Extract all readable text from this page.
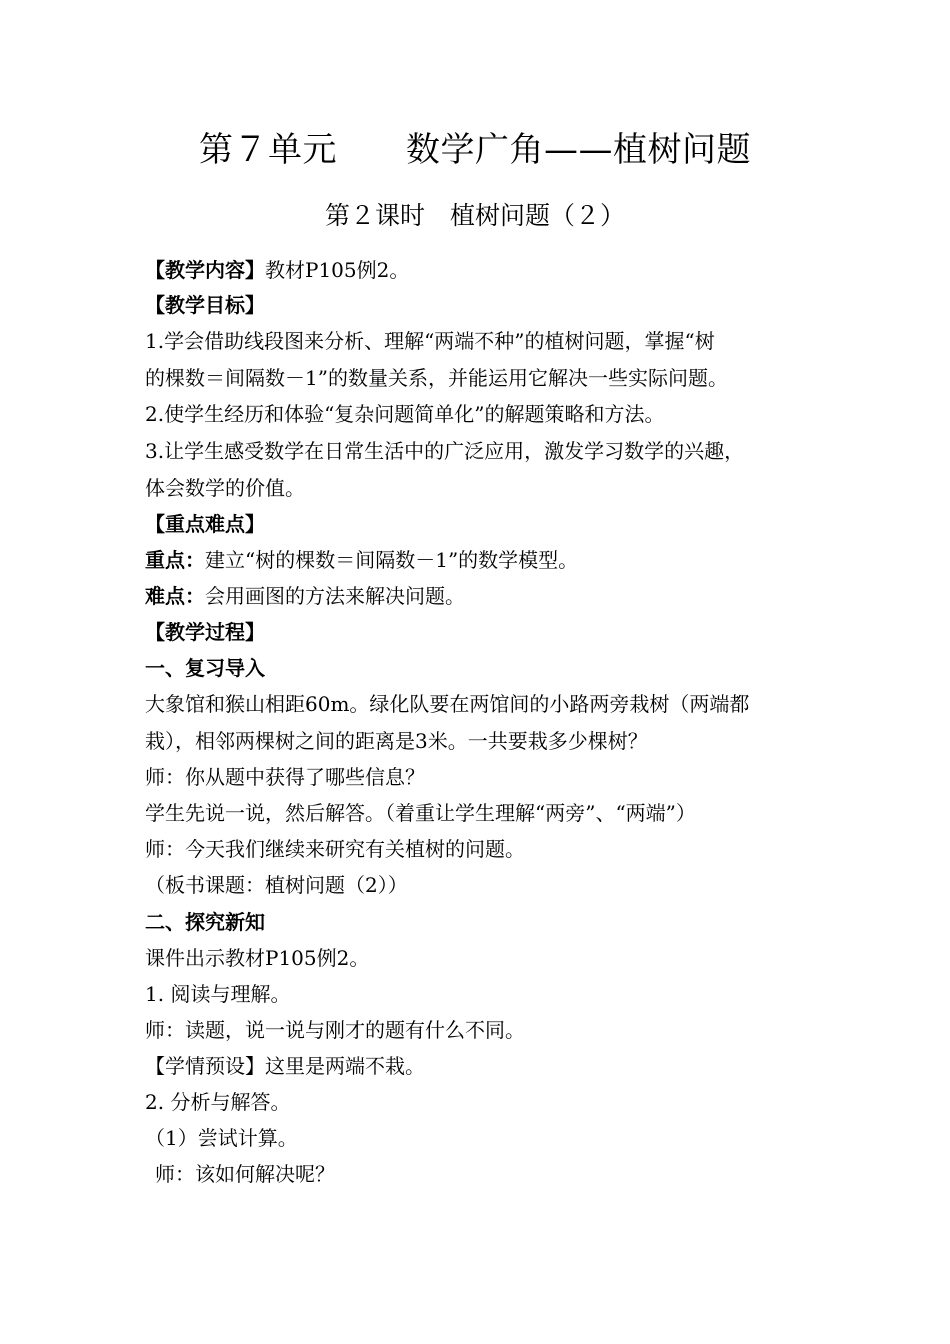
第７单元　　数学广角——植树问题
第２课时　植树问题（２）
【教学内容】教材P105例2。
【教学目标】
1.学会借助线段图来分析、理解“两端不种”的植树问题，掌握“树
的棵数＝间隔数－1”的数量关系，并能运用它解决一些实际问题。
2.使学生经历和体验“复杂问题简单化”的解题策略和方法。
3.让学生感受数学在日常生活中的广泛应用，激发学习数学的兴趣，
体会数学的价值。
【重点难点】
重点：建立“树的棵数＝间隔数－1”的数学模型。
难点：会用画图的方法来解决问题。
【教学过程】
一、复习导入
大象馆和猴山相距60m。绿化队要在两馆间的小路两旁栽树（两端都
栽），相邻两棵树之间的距离是3米。一共要栽多少棵树？
师：你从题中获得了哪些信息？
学生先说一说，然后解答。（着重让学生理解“两旁”、“两端”）
师：今天我们继续来研究有关植树的问题。
（板书课题：植树问题（2））
二、探究新知
课件出示教材P105例2。
1. 阅读与理解。
师：读题，说一说与刚才的题有什么不同。
【学情预设】这里是两端不栽。
2. 分析与解答。
（1）尝试计算。
师：该如何解决呢？
